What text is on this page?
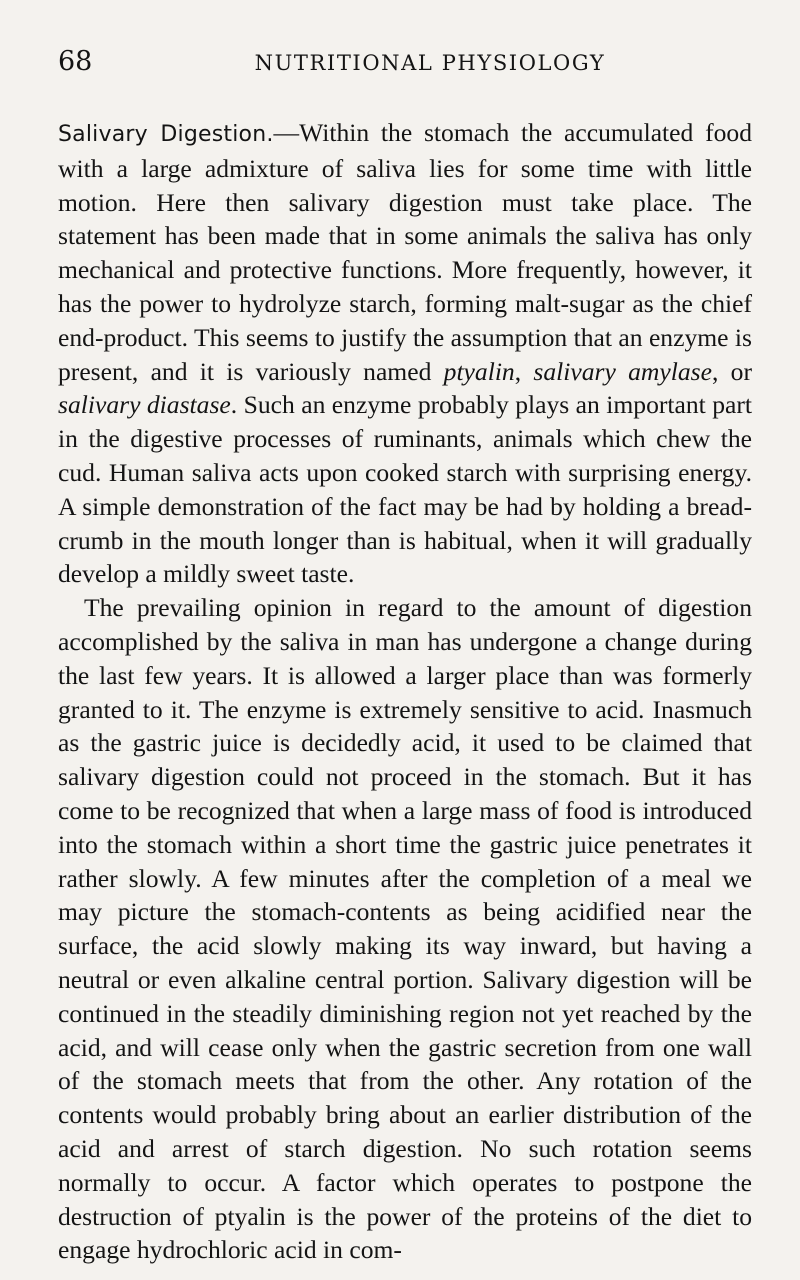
68	NUTRITIONAL PHYSIOLOGY

Salivary Digestion.—Within the stomach the accumulated food with a large admixture of saliva lies for some time with little motion. Here then salivary digestion must take place. The statement has been made that in some animals the saliva has only mechanical and protective functions. More frequently, however, it has the power to hydrolyze starch, forming malt-sugar as the chief end-product. This seems to justify the assumption that an enzyme is present, and it is variously named ptyalin, salivary amylase, or salivary diastase. Such an enzyme probably plays an important part in the digestive processes of ruminants, animals which chew the cud. Human saliva acts upon cooked starch with surprising energy. A simple demonstration of the fact may be had by holding a bread-crumb in the mouth longer than is habitual, when it will gradually develop a mildly sweet taste.

The prevailing opinion in regard to the amount of digestion accomplished by the saliva in man has undergone a change during the last few years. It is allowed a larger place than was formerly granted to it. The enzyme is extremely sensitive to acid. Inasmuch as the gastric juice is decidedly acid, it used to be claimed that salivary digestion could not proceed in the stomach. But it has come to be recognized that when a large mass of food is introduced into the stomach within a short time the gastric juice penetrates it rather slowly. A few minutes after the completion of a meal we may picture the stomach-contents as being acidified near the surface, the acid slowly making its way inward, but having a neutral or even alkaline central portion. Salivary digestion will be continued in the steadily diminishing region not yet reached by the acid, and will cease only when the gastric secretion from one wall of the stomach meets that from the other. Any rotation of the contents would probably bring about an earlier distribution of the acid and arrest of starch digestion. No such rotation seems normally to occur. A factor which operates to postpone the destruction of ptyalin is the power of the proteins of the diet to engage hydrochloric acid in com-
